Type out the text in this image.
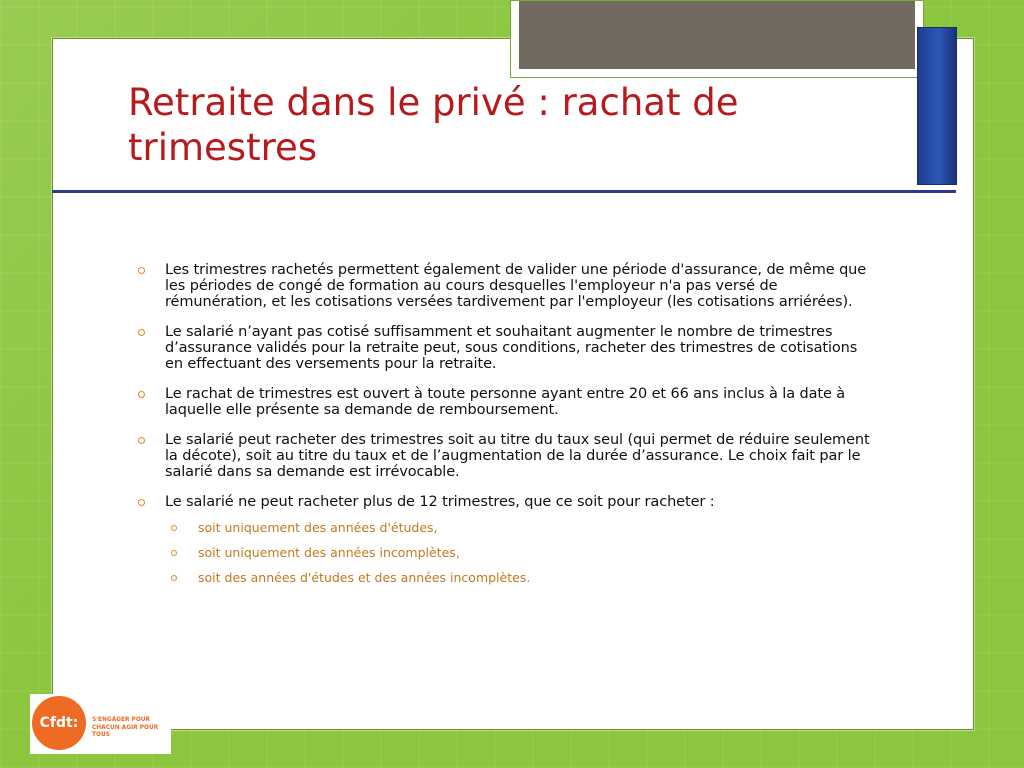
Retraite dans le privé : rachat de trimestres
Les trimestres rachetés permettent également de valider une période d'assurance, de même que les périodes de congé de formation au cours desquelles l'employeur n'a pas versé de rémunération, et les cotisations versées tardivement par l'employeur (les cotisations arriérées).
Le salarié n’ayant pas cotisé suffisamment et souhaitant augmenter le nombre de trimestres d’assurance validés pour la retraite peut, sous conditions, racheter des trimestres de cotisations en effectuant des versements pour la retraite.
Le rachat de trimestres est ouvert à toute personne ayant entre 20 et 66 ans inclus à la date à laquelle elle présente sa demande de remboursement.
Le salarié peut racheter des trimestres soit au titre du taux seul (qui permet de réduire seulement la décote), soit au titre du taux et de l’augmentation de la durée d’assurance. Le choix fait par le salarié dans sa demande est irrévocable.
Le salarié ne peut racheter plus de 12 trimestres, que ce soit pour racheter :
soit uniquement des années d'études,
soit uniquement des années incomplètes,
soit des années d'études et des années incomplètes.
Cfdt: S'ENGAGER POUR CHACUN AGIR POUR TOUS
